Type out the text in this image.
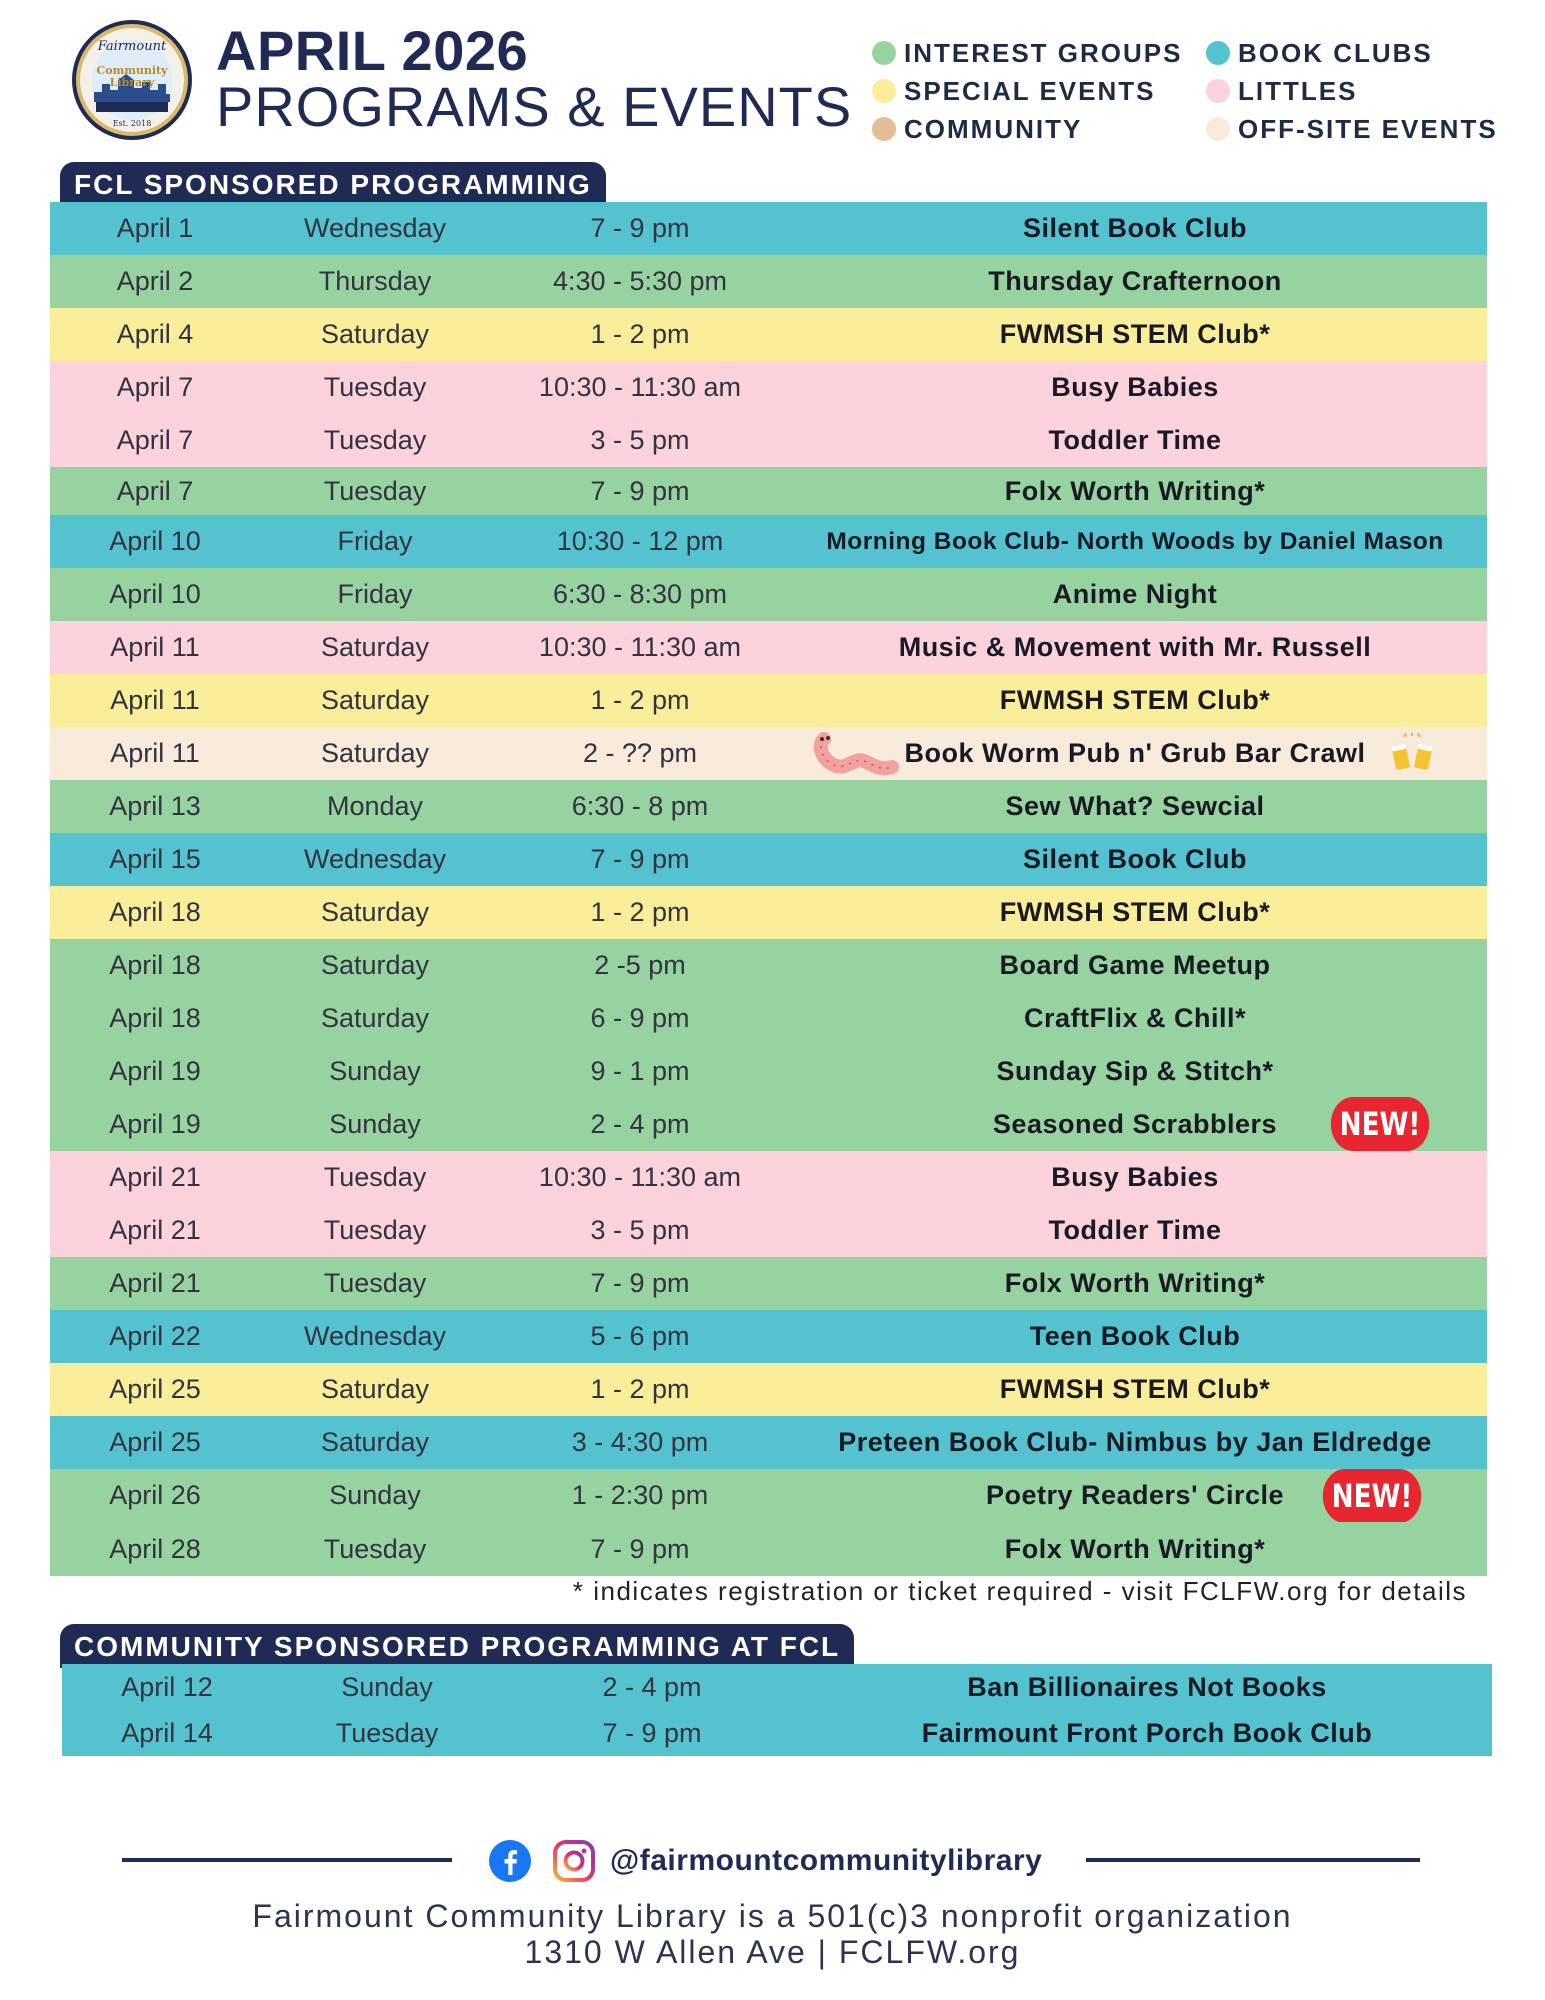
Fairmount
Community
Library
Est. 2018
APRIL 2026
PROGRAMS & EVENTS
INTEREST GROUPS
SPECIAL EVENTS
COMMUNITY
BOOK CLUBS
LITTLES
OFF-SITE EVENTS
FCL SPONSORED PROGRAMMING
April 1	Wednesday	7 - 9 pm	Silent Book Club
April 2	Thursday	4:30 - 5:30 pm	Thursday Crafternoon
April 4	Saturday	1 - 2 pm	FWMSH STEM Club*
April 7	Tuesday	10:30 - 11:30 am	Busy Babies
April 7	Tuesday	3 - 5 pm	Toddler Time
April 7	Tuesday	7 - 9 pm	Folx Worth Writing*
April 10	Friday	10:30 - 12 pm	Morning Book Club- North Woods by Daniel Mason
April 10	Friday	6:30 - 8:30 pm	Anime Night
April 11	Saturday	10:30 - 11:30 am	Music & Movement with Mr. Russell
April 11	Saturday	1 - 2 pm	FWMSH STEM Club*
April 11	Saturday	2 - ?? pm	Book Worm Pub n' Grub Bar Crawl
April 13	Monday	6:30 - 8 pm	Sew What? Sewcial
April 15	Wednesday	7 - 9 pm	Silent Book Club
April 18	Saturday	1 - 2 pm	FWMSH STEM Club*
April 18	Saturday	2 -5 pm	Board Game Meetup
April 18	Saturday	6 - 9 pm	CraftFlix & Chill*
April 19	Sunday	9 - 1 pm	Sunday Sip & Stitch*
April 19	Sunday	2 - 4 pm	Seasoned Scrabblers	NEW!
April 21	Tuesday	10:30 - 11:30 am	Busy Babies
April 21	Tuesday	3 - 5 pm	Toddler Time
April 21	Tuesday	7 - 9 pm	Folx Worth Writing*
April 22	Wednesday	5 - 6 pm	Teen Book Club
April 25	Saturday	1 - 2 pm	FWMSH STEM Club*
April 25	Saturday	3 - 4:30 pm	Preteen Book Club- Nimbus by Jan Eldredge
April 26	Sunday	1 - 2:30 pm	Poetry Readers' Circle	NEW!
April 28	Tuesday	7 - 9 pm	Folx Worth Writing*
* indicates registration or ticket required - visit FCLFW.org for details
COMMUNITY SPONSORED PROGRAMMING AT FCL
April 12	Sunday	2 - 4 pm	Ban Billionaires Not Books
April 14	Tuesday	7 - 9 pm	Fairmount Front Porch Book Club
@fairmountcommunitylibrary
Fairmount Community Library is a 501(c)3 nonprofit organization
1310 W Allen Ave | FCLFW.org
